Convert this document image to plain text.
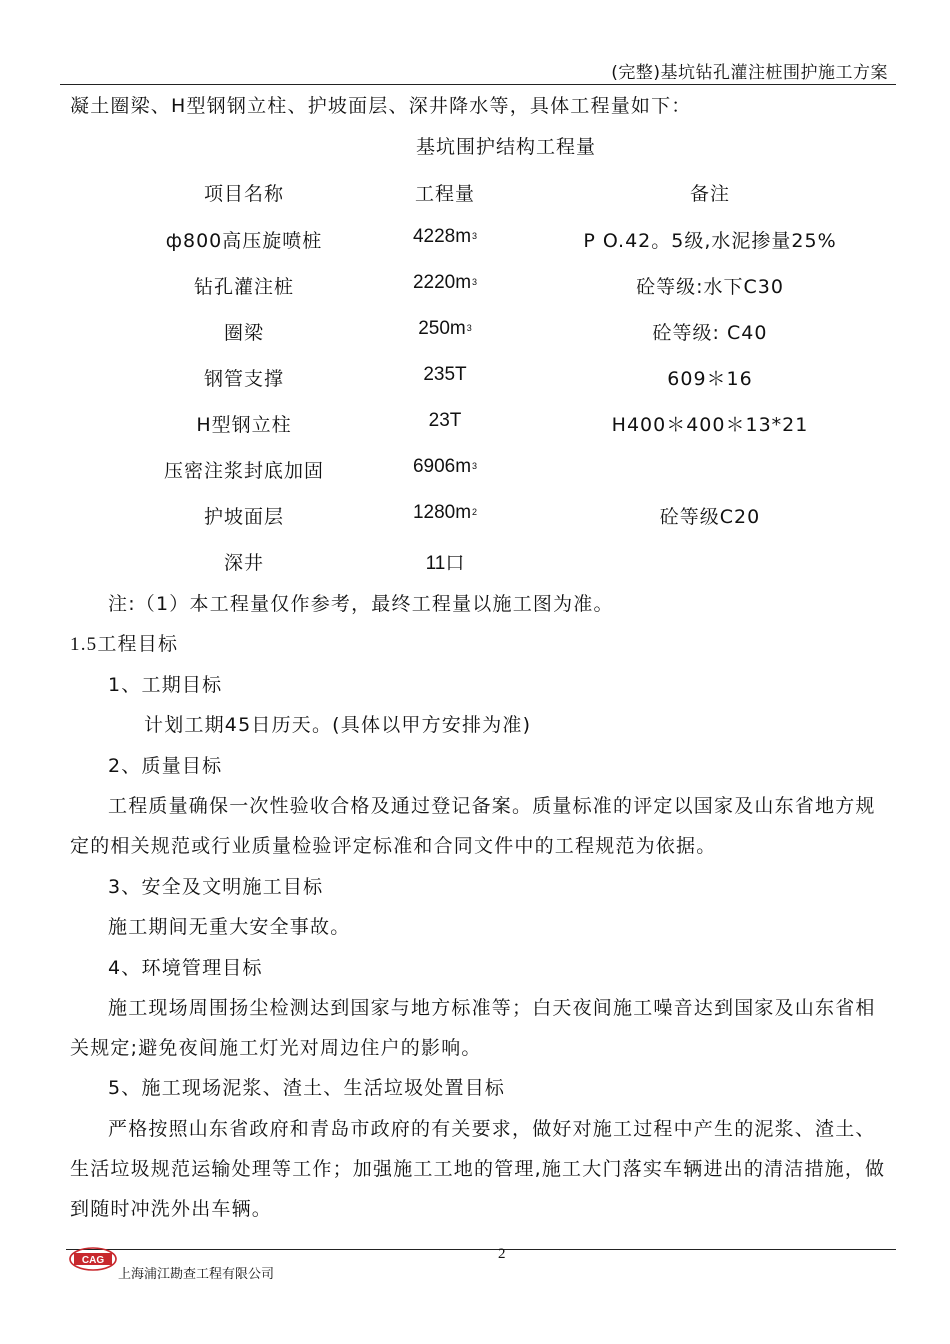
(完整)基坑钻孔灌注桩围护施工方案
凝土圈梁、H型钢钢立柱、护坡面层、深井降水等，具体工程量如下：
基坑围护结构工程量
项目名称	工程量	备注
ф800高压旋喷桩	$4228m^3$	P O.42。5级,水泥掺量25%
钻孔灌注桩	$2220m^3$	砼等级:水下C30
圈梁	$250m^3$	砼等级: C40
钢管支撑	235T	609＊16
H型钢立柱	23T	H400＊400＊13*21
压密注浆封底加固	$6906m^3$
护坡面层	$1280m^2$	砼等级C20
深井	11口
注:（1）本工程量仅作参考，最终工程量以施工图为准。
1.5工程目标
1、工期目标
计划工期45日历天。(具体以甲方安排为准)
2、质量目标
工程质量确保一次性验收合格及通过登记备案。质量标准的评定以国家及山东省地方规
定的相关规范或行业质量检验评定标准和合同文件中的工程规范为依据。
3、安全及文明施工目标
施工期间无重大安全事故。
4、环境管理目标
施工现场周围扬尘检测达到国家与地方标准等；白天夜间施工噪音达到国家及山东省相
关规定;避免夜间施工灯光对周边住户的影响。
5、施工现场泥浆、渣土、生活垃圾处置目标
严格按照山东省政府和青岛市政府的有关要求，做好对施工过程中产生的泥浆、渣土、
生活垃圾规范运输处理等工作；加强施工工地的管理,施工大门落实车辆进出的清洁措施，做
到随时冲洗外出车辆。
CAG	2
上海浦江勘查工程有限公司
